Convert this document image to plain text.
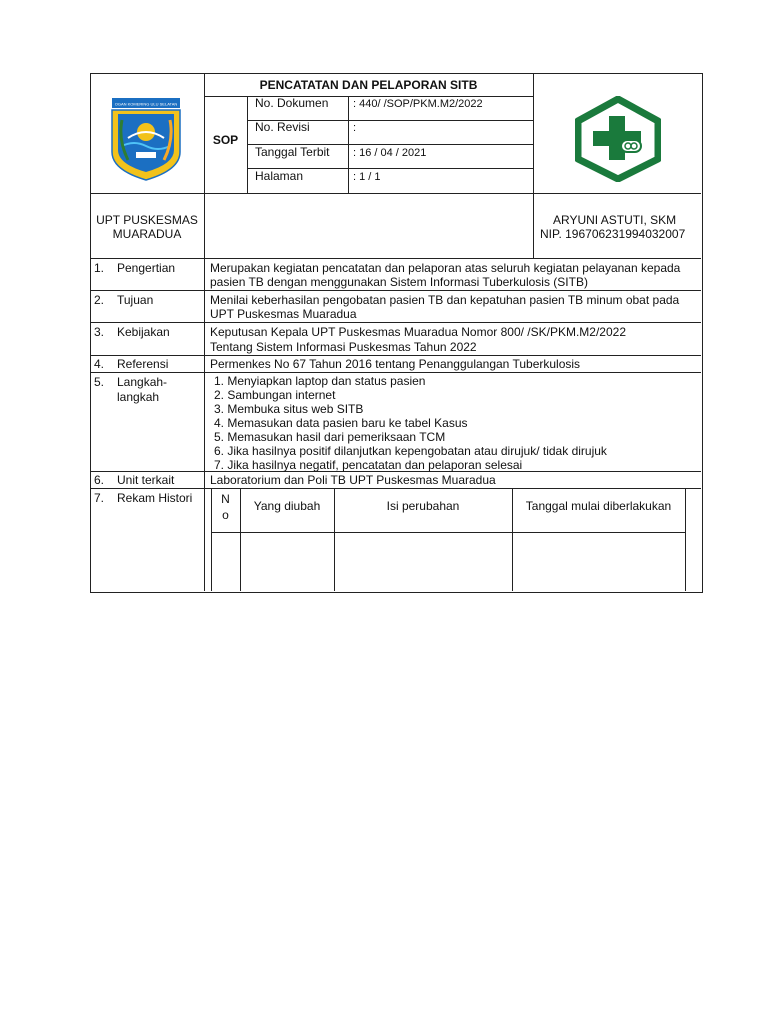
OGAN KOMERING ULU SELATAN
PENCATATAN DAN PELAPORAN SITB
SOP
No. Dokumen : 440/ /SOP/PKM.M2/2022
No. Revisi	:
Tanggal Terbit : 16 / 04 / 2021
Halaman	: 1 / 1
UPT PUSKESMAS
MUARADUA
ARYUNI ASTUTI, SKM
NIP. 196706231994032007
1. Pengertian	Merupakan kegiatan pencatatan dan pelaporan atas seluruh kegiatan pelayanan kepada
pasien TB dengan menggunakan Sistem Informasi Tuberkulosis (SITB)
2. Tujuan	Menilai keberhasilan pengobatan pasien TB dan kepatuhan pasien TB minum obat pada
UPT Puskesmas Muaradua
3. Kebijakan	Keputusan Kepala UPT Puskesmas Muaradua Nomor 800/ /SK/PKM.M2/2022
Tentang Sistem Informasi Puskesmas Tahun 2022
4. Referensi	Permenkes No 67 Tahun 2016 tentang Penanggulangan Tuberkulosis
5. Langkah-
langkah
1. Menyiapkan laptop dan status pasien
2. Sambungan internet
3. Membuka situs web SITB
4. Memasukan data pasien baru ke tabel Kasus
5. Memasukan hasil dari pemeriksaan TCM
6. Jika hasilnya positif dilanjutkan kepengobatan atau dirujuk/ tidak dirujuk
7. Jika hasilnya negatif, pencatatan dan pelaporan selesai
6. Unit terkait	Laboratorium dan Poli TB UPT Puskesmas Muaradua
7. Rekam Histori	N
o
Yang diubah	Isi perubahan	Tanggal mulai diberlakukan
